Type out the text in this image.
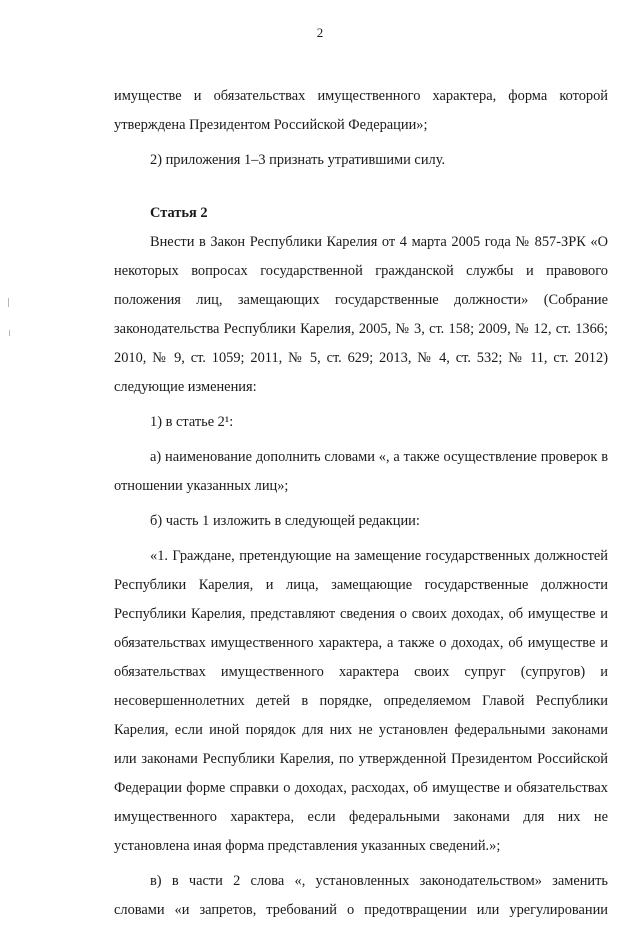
2

имуществе и обязательствах имущественного характера, форма которой утверждена Президентом Российской Федерации»;

2) приложения 1–3 признать утратившими силу.

Статья 2

Внести в Закон Республики Карелия от 4 марта 2005 года № 857-ЗРК «О некоторых вопросах государственной гражданской службы и правового положения лиц, замещающих государственные должности» (Собрание законодательства Республики Карелия, 2005, № 3, ст. 158; 2009, № 12, ст. 1366; 2010, № 9, ст. 1059; 2011, № 5, ст. 629; 2013, № 4, ст. 532; № 11, ст. 2012) следующие изменения:

1) в статье 2¹:

а) наименование дополнить словами «, а также осуществление проверок в отношении указанных лиц»;

б) часть 1 изложить в следующей редакции:

«1. Граждане, претендующие на замещение государственных должностей Республики Карелия, и лица, замещающие государственные должности Республики Карелия, представляют сведения о своих доходах, об имуществе и обязательствах имущественного характера, а также о доходах, об имуществе и обязательствах имущественного характера своих супруг (супругов) и несовершеннолетних детей в порядке, определяемом Главой Республики Карелия, если иной порядок для них не установлен федеральными законами или законами Республики Карелия, по утвержденной Президентом Российской Федерации форме справки о доходах, расходах, об имуществе и обязательствах имущественного характера, если федеральными законами для них не установлена иная форма представления указанных сведений.»;

в) в части 2 слова «, установленных законодательством» заменить словами «и запретов, требований о предотвращении или урегулировании
